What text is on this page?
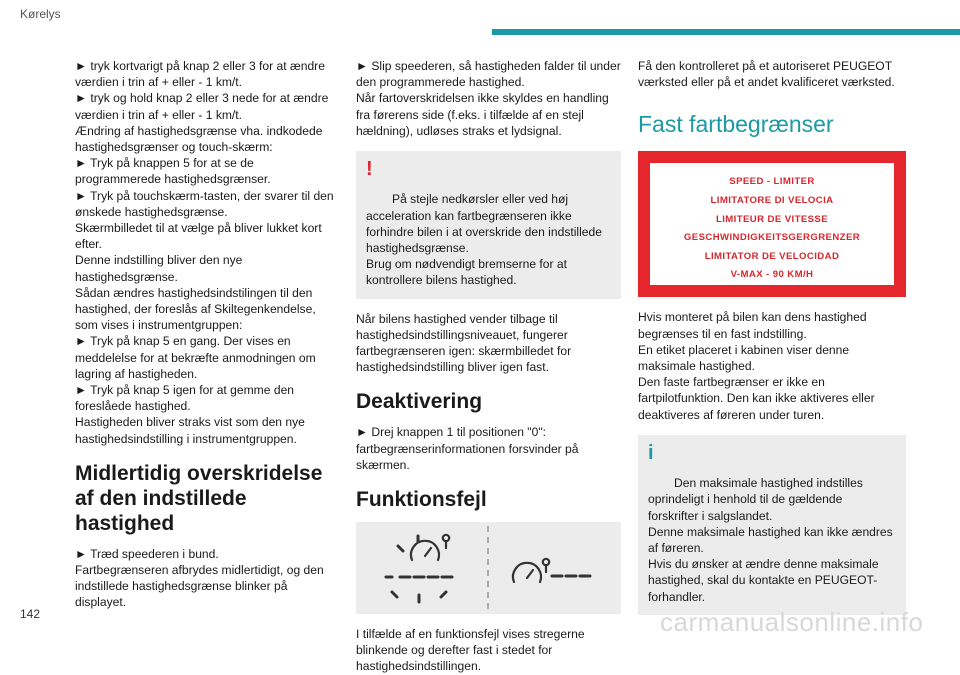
Kørelys
► tryk kortvarigt på knap 2 eller 3 for at ændre værdien i trin af + eller - 1 km/t.
► tryk og hold knap 2 eller 3 nede for at ændre værdien i trin af + eller - 1 km/t.
Ændring af hastighedsgrænse vha. indkodede hastighedsgrænser og touch-skærm:
► Tryk på knappen 5 for at se de programmerede hastighedsgrænser.
► Tryk på touchskærm-tasten, der svarer til den ønskede hastighedsgrænse.
Skærmbilledet til at vælge på bliver lukket kort efter.
Denne indstilling bliver den nye hastighedsgrænse.
Sådan ændres hastighedsindstilingen til den hastighed, der foreslås af Skiltegenkendelse, som vises i instrumentgruppen:
► Tryk på knap 5 en gang. Der vises en meddelelse for at bekræfte anmodningen om lagring af hastigheden.
► Tryk på knap 5 igen for at gemme den foreslåede hastighed.
Hastigheden bliver straks vist som den nye hastighedsindstilling i instrumentgruppen.
Midlertidig overskridelse af den indstillede hastighed
► Træd speederen i bund.
Fartbegrænseren afbrydes midlertidigt, og den indstillede hastighedsgrænse blinker på displayet.
► Slip speederen, så hastigheden falder til under den programmerede hastighed.
Når fartoverskridelsen ikke skyldes en handling fra førerens side (f.eks. i tilfælde af en stejl hældning), udløses straks et lydsignal.

!

På stejle nedkørsler eller ved høj acceleration kan fartbegrænseren ikke forhindre bilen i at overskride den indstillede hastighedsgrænse.
Brug om nødvendigt bremserne for at kontrollere bilens hastighed.

Når bilens hastighed vender tilbage til hastighedsindstillingsniveauet, fungerer fartbegrænseren igen: skærmbilledet for hastighedsindstilling bliver igen fast.
Deaktivering
► Drej knappen 1 til positionen "0": fartbegrænserinformationen forsvinder på skærmen.
Funktionsfejl
I tilfælde af en funktionsfejl vises stregerne blinkende og derefter fast i stedet for hastighedsindstillingen.
Få den kontrolleret på et autoriseret PEUGEOT værksted eller på et andet kvalificeret værksted.
Fast fartbegrænser
SPEED - LIMITER
LIMITATORE DI VELOCIA
LIMITEUR DE VITESSE
GESCHWINDIGKEITSGERGRENZER
LIMITATOR DE VELOCIDAD
V-MAX - 90 KM/H
Hvis monteret på bilen kan dens hastighed begrænses til en fast indstilling.
En etiket placeret i kabinen viser denne maksimale hastighed.
Den faste fartbegrænser er ikke en fartpilotfunktion. Den kan ikke aktiveres eller deaktiveres af føreren under turen.

i

Den maksimale hastighed indstilles oprindeligt i henhold til de gældende forskrifter i salgslandet.
Denne maksimale hastighed kan ikke ændres af føreren.
Hvis du ønsker at ændre denne maksimale hastighed, skal du kontakte en PEUGEOT-forhandler.

142	carmanualsonline.info
